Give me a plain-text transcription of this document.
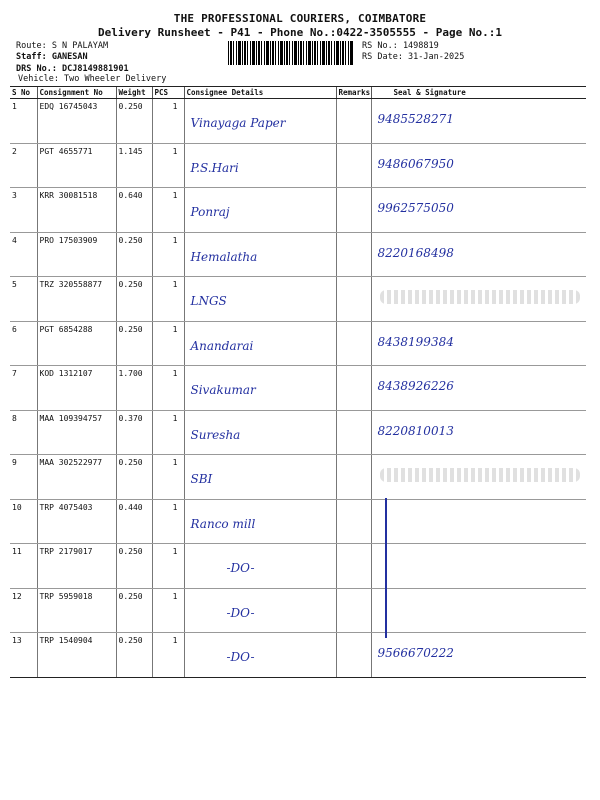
THE PROFESSIONAL COURIERS, COIMBATORE
Delivery Runsheet - P41 - Phone No.:0422-3505555 - Page No.:1
Route: S N PALAYAM
Staff: GANESAN
DRS No.: DCJ8149881901
Vehicle: Two Wheeler Delivery
RS No.: 1498819
RS Date: 31-Jan-2025
S No	Consignment No	Weight	PCS	Consignee Details	Remarks	Seal & Signature
1	EDQ 16745043	0.250	1	Vinayaga Paper		9485528271

2	PGT 4655771	1.145	1	P.S.Hari		9486067950

3	KRR 30081518	0.640	1	Ponraj		9962575050

4	PRO 17503909	0.250	1	Hemalatha		8220168498

5	TRZ 320558877	0.250	1	LNGS		

6	PGT 6854288	0.250	1	Anandarai		8438199384

7	KOD 1312107	1.700	1	Sivakumar		8438926226

8	MAA 109394757	0.370	1	Suresha		8220810013

9	MAA 302522977	0.250	1	SBI		

10	TRP 4075403	0.440	1	Ranco mill		

11	TRP 2179017	0.250	1	-DO-		

12	TRP 5959018	0.250	1	-DO-		

13	TRP 1540904	0.250	1	-DO-		9566670222
